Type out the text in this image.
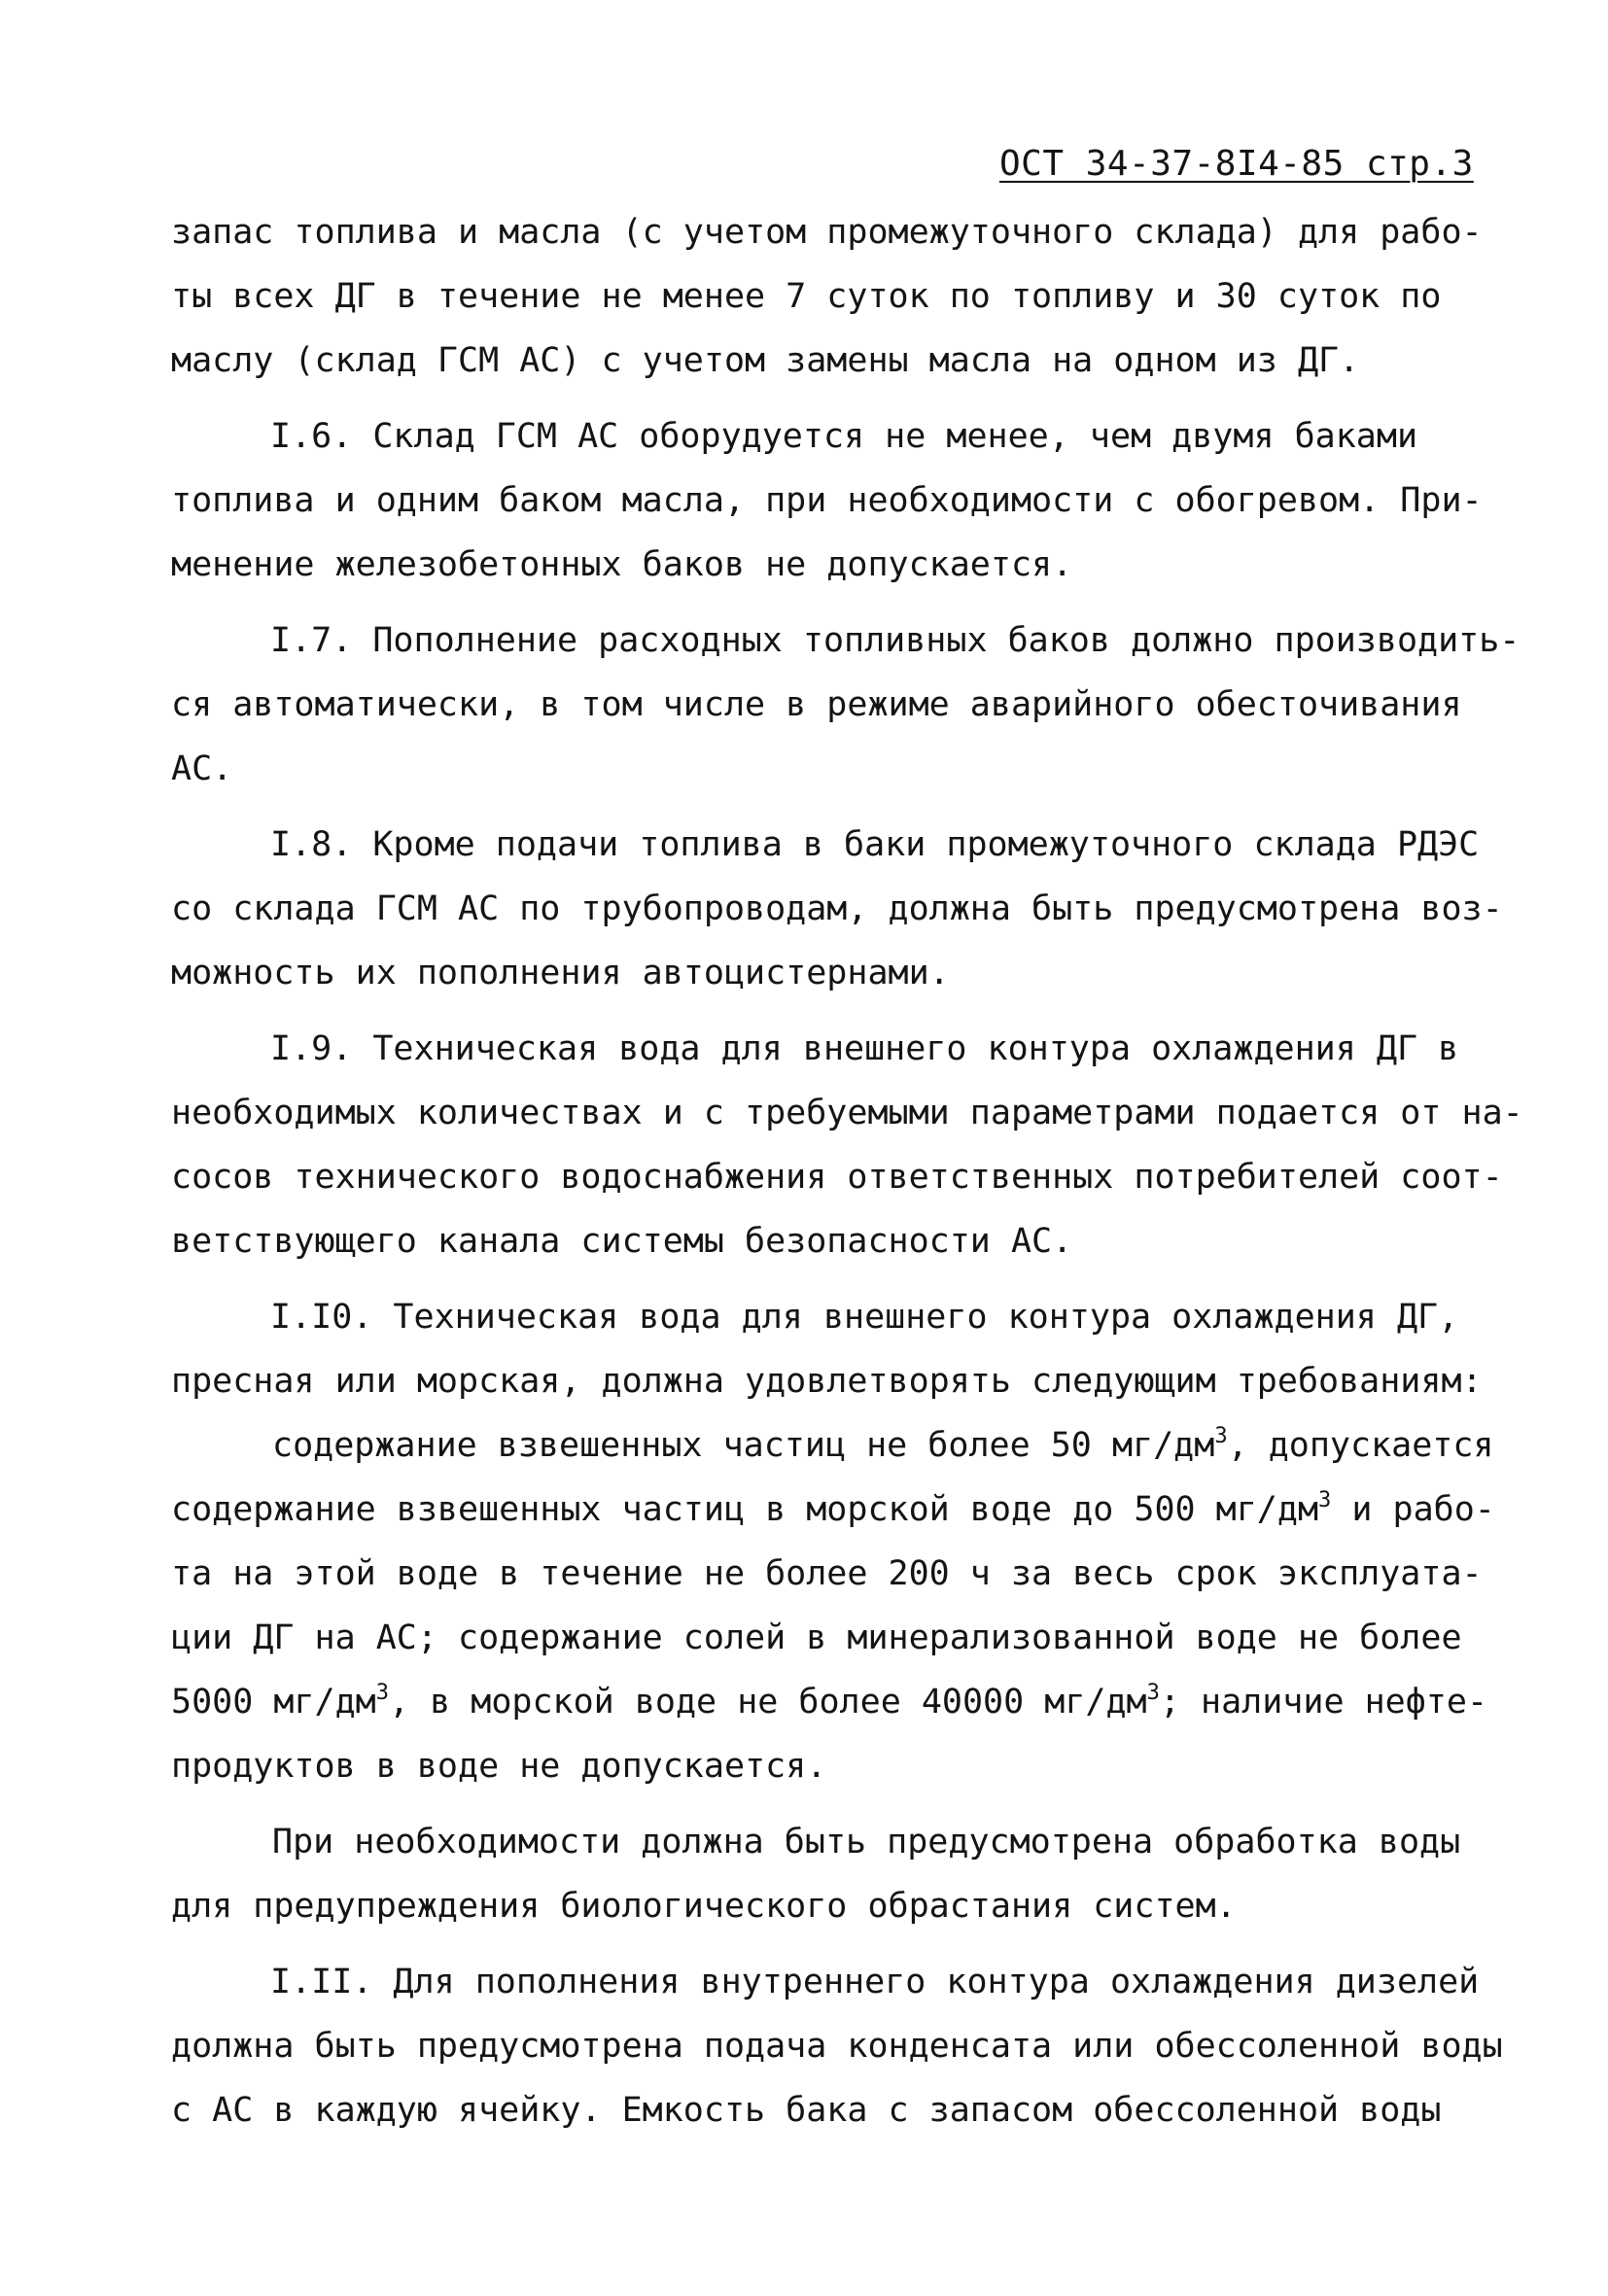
ОСТ 34-37-8I4-85 стр.3
запас топлива и масла (с учетом промежуточного склада) для рабо-
ты всех ДГ в течение не менее 7 суток по топливу и 30 суток по
маслу (склад ГСМ АС) с учетом замены масла на одном из ДГ.
I.6. Склад ГСМ АС оборудуется не менее, чем двумя баками
топлива и одним баком масла, при необходимости с обогревом. При-
менение железобетонных баков не допускается.
I.7. Пополнение расходных топливных баков должно производить-
ся автоматически, в том числе в режиме аварийного обесточивания
АС.
I.8. Кроме подачи топлива в баки промежуточного склада РДЭС
со склада ГСМ АС по трубопроводам, должна быть предусмотрена воз-
можность их пополнения автоцистернами.
I.9. Техническая вода для внешнего контура охлаждения ДГ в
необходимых количествах и с требуемыми параметрами подается от на-
сосов технического водоснабжения ответственных потребителей соот-
ветствующего канала системы безопасности АС.
I.I0. Техническая вода для внешнего контура охлаждения ДГ,
пресная или морская, должна удовлетворять следующим требованиям:
содержание взвешенных частиц не более 50 $мг/дм^3$, допускается
содержание взвешенных частиц в морской воде до 500 $мг/дм^3$ и рабо-
та на этой воде в течение не более 200 ч за весь срок эксплуата-
ции ДГ на АС; содержание солей в минерализованной воде не более
5000 $мг/дм^3$, в морской воде не более 40000 $мг/дм^3$; наличие нефте-
продуктов в воде не допускается.
При необходимости должна быть предусмотрена обработка воды
для предупреждения биологического обрастания систем.
I.II. Для пополнения внутреннего контура охлаждения дизелей
должна быть предусмотрена подача конденсата или обессоленной воды
с АС в каждую ячейку. Емкость бака с запасом обессоленной воды
